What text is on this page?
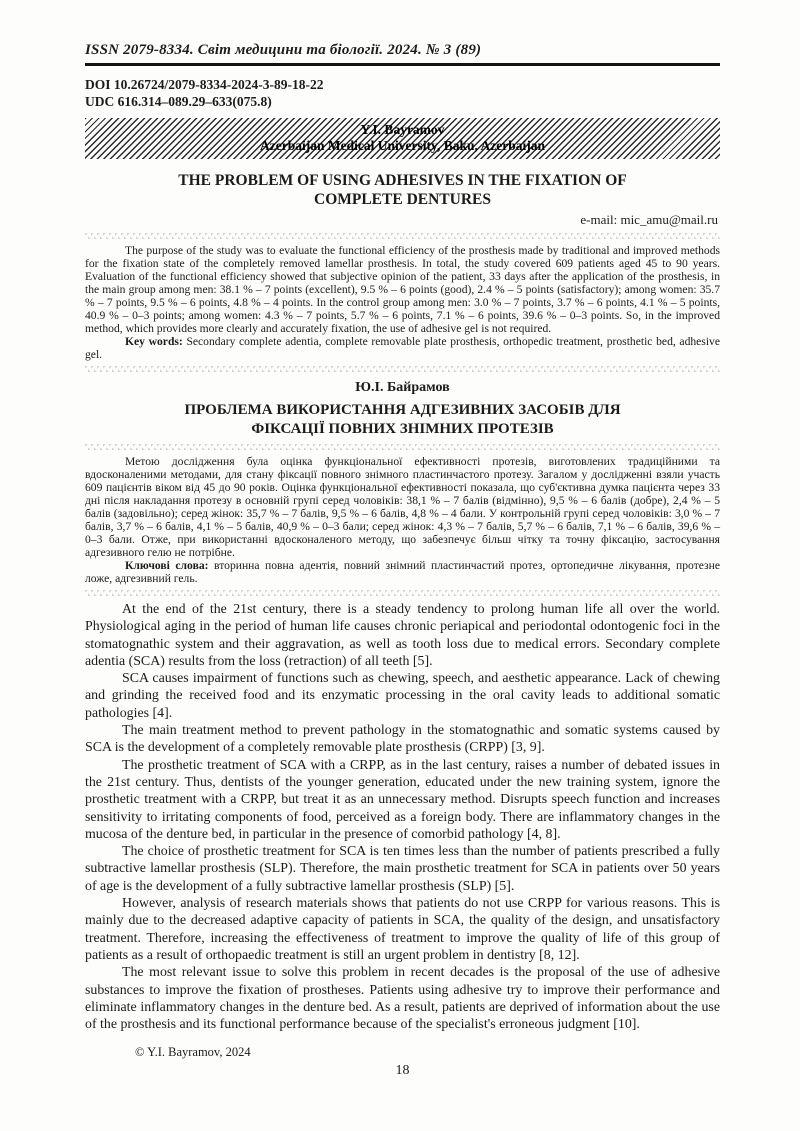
ISSN 2079-8334. Світ медицини та біології. 2024. № 3 (89)
DOI 10.26724/2079-8334-2024-3-89-18-22
UDC 616.314–089.29–633(075.8)
Y.I. Bayramov
Azerbaijan Medical University, Baku, Azerbaijan
THE PROBLEM OF USING ADHESIVES IN THE FIXATION OF COMPLETE DENTURES
e-mail: mic_amu@mail.ru

The purpose of the study was to evaluate the functional efficiency of the prosthesis made by traditional and improved methods for the fixation state of the completely removed lamellar prosthesis. In total, the study covered 609 patients aged 45 to 90 years. Evaluation of the functional efficiency showed that subjective opinion of the patient, 33 days after the application of the prosthesis, in the main group among men: 38.1 % – 7 points (excellent), 9.5 % – 6 points (good), 2.4 % – 5 points (satisfactory); among women: 35.7 % – 7 points, 9.5 % – 6 points, 4.8 % – 4 points. In the control group among men: 3.0 % – 7 points, 3.7 % – 6 points, 4.1 % – 5 points, 40.9 % – 0–3 points; among women: 4.3 % – 7 points, 5.7 % – 6 points, 7.1 % – 6 points, 39.6 % – 0–3 points. So, in the improved method, which provides more clearly and accurately fixation, the use of adhesive gel is not required.

Key words: Secondary complete adentia, complete removable plate prosthesis, orthopedic treatment, prosthetic bed, adhesive gel.

Ю.І. Байрамов
ПРОБЛЕМА ВИКОРИСТАННЯ АДГЕЗИВНИХ ЗАСОБІВ ДЛЯ ФІКСАЦІЇ ПОВНИХ ЗНІМНИХ ПРОТЕЗІВ

Метою дослідження була оцінка функціональної ефективності протезів, виготовлених традиційними та вдосконаленими методами, для стану фіксації повного знімного пластинчастого протезу. Загалом у дослідженні взяли участь 609 пацієнтів віком від 45 до 90 років. Оцінка функціональної ефективності показала, що суб'єктивна думка пацієнта через 33 дні після накладання протезу в основній групі серед чоловіків: 38,1 % – 7 балів (відмінно), 9,5 % – 6 балів (добре), 2,4 % – 5 балів (задовільно); серед жінок: 35,7 % – 7 балів, 9,5 % – 6 балів, 4,8 % – 4 бали. У контрольній групі серед чоловіків: 3,0 % – 7 балів, 3,7 % – 6 балів, 4,1 % – 5 балів, 40,9 % – 0–3 бали; серед жінок: 4,3 % – 7 балів, 5,7 % – 6 балів, 7,1 % – 6 балів, 39,6 % – 0–3 бали. Отже, при використанні вдосконаленого методу, що забезпечує більш чітку та точну фіксацію, застосування адгезивного гелю не потрібне.

Ключові слова: вторинна повна адентія, повний знімний пластинчастий протез, ортопедичне лікування, протезне ложе, адгезивний гель.

At the end of the 21st century, there is a steady tendency to prolong human life all over the world. Physiological aging in the period of human life causes chronic periapical and periodontal odontogenic foci in the stomatognathic system and their aggravation, as well as tooth loss due to medical errors. Secondary complete adentia (SCA) results from the loss (retraction) of all teeth [5].

SCA causes impairment of functions such as chewing, speech, and aesthetic appearance. Lack of chewing and grinding the received food and its enzymatic processing in the oral cavity leads to additional somatic pathologies [4].

The main treatment method to prevent pathology in the stomatognathic and somatic systems caused by SCA is the development of a completely removable plate prosthesis (CRPP) [3, 9].

The prosthetic treatment of SCA with a CRPP, as in the last century, raises a number of debated issues in the 21st century. Thus, dentists of the younger generation, educated under the new training system, ignore the prosthetic treatment with a CRPP, but treat it as an unnecessary method. Disrupts speech function and increases sensitivity to irritating components of food, perceived as a foreign body. There are inflammatory changes in the mucosa of the denture bed, in particular in the presence of comorbid pathology [4, 8].

The choice of prosthetic treatment for SCA is ten times less than the number of patients prescribed a fully subtractive lamellar prosthesis (SLP). Therefore, the main prosthetic treatment for SCA in patients over 50 years of age is the development of a fully subtractive lamellar prosthesis (SLP) [5].

However, analysis of research materials shows that patients do not use CRPP for various reasons. This is mainly due to the decreased adaptive capacity of patients in SCA, the quality of the design, and unsatisfactory treatment. Therefore, increasing the effectiveness of treatment to improve the quality of life of this group of patients as a result of orthopaedic treatment is still an urgent problem in dentistry [8, 12].

The most relevant issue to solve this problem in recent decades is the proposal of the use of adhesive substances to improve the fixation of prostheses. Patients using adhesive try to improve their performance and eliminate inflammatory changes in the denture bed. As a result, patients are deprived of information about the use of the prosthesis and its functional performance because of the specialist's erroneous judgment [10].

© Y.I. Bayramov, 2024
18
